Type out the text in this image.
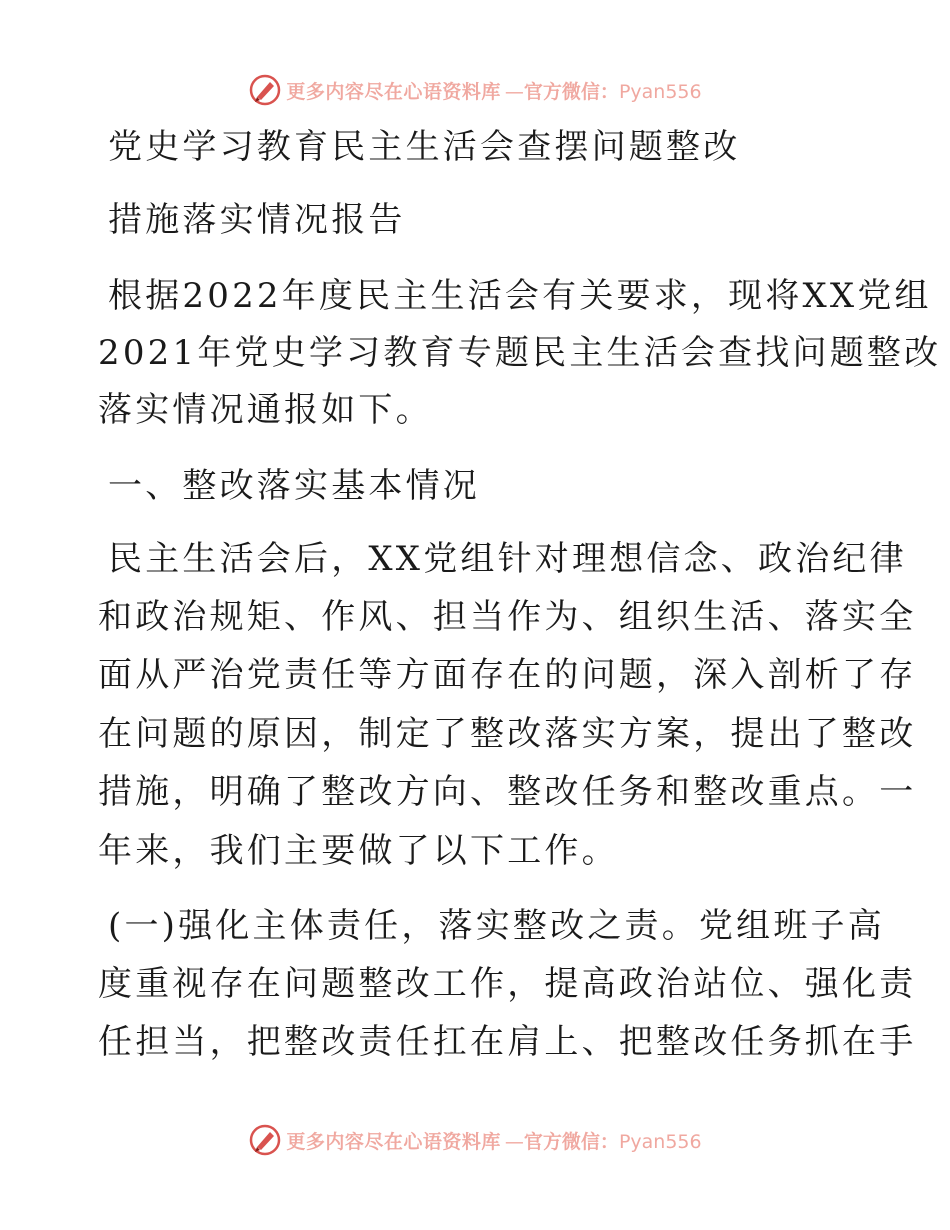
更多内容尽在心语资料库 —官方微信：Pyan556
党史学习教育民主生活会查摆问题整改
措施落实情况报告
根据2022年度民主生活会有关要求，现将XX党组
2021年党史学习教育专题民主生活会查找问题整改
落实情况通报如下。
一、整改落实基本情况
民主生活会后，XX党组针对理想信念、政治纪律
和政治规矩、作风、担当作为、组织生活、落实全
面从严治党责任等方面存在的问题，深入剖析了存
在问题的原因，制定了整改落实方案，提出了整改
措施，明确了整改方向、整改任务和整改重点。一
年来，我们主要做了以下工作。
(一)强化主体责任，落实整改之责。党组班子高
度重视存在问题整改工作，提高政治站位、强化责
任担当，把整改责任扛在肩上、把整改任务抓在手
更多内容尽在心语资料库 —官方微信：Pyan556
